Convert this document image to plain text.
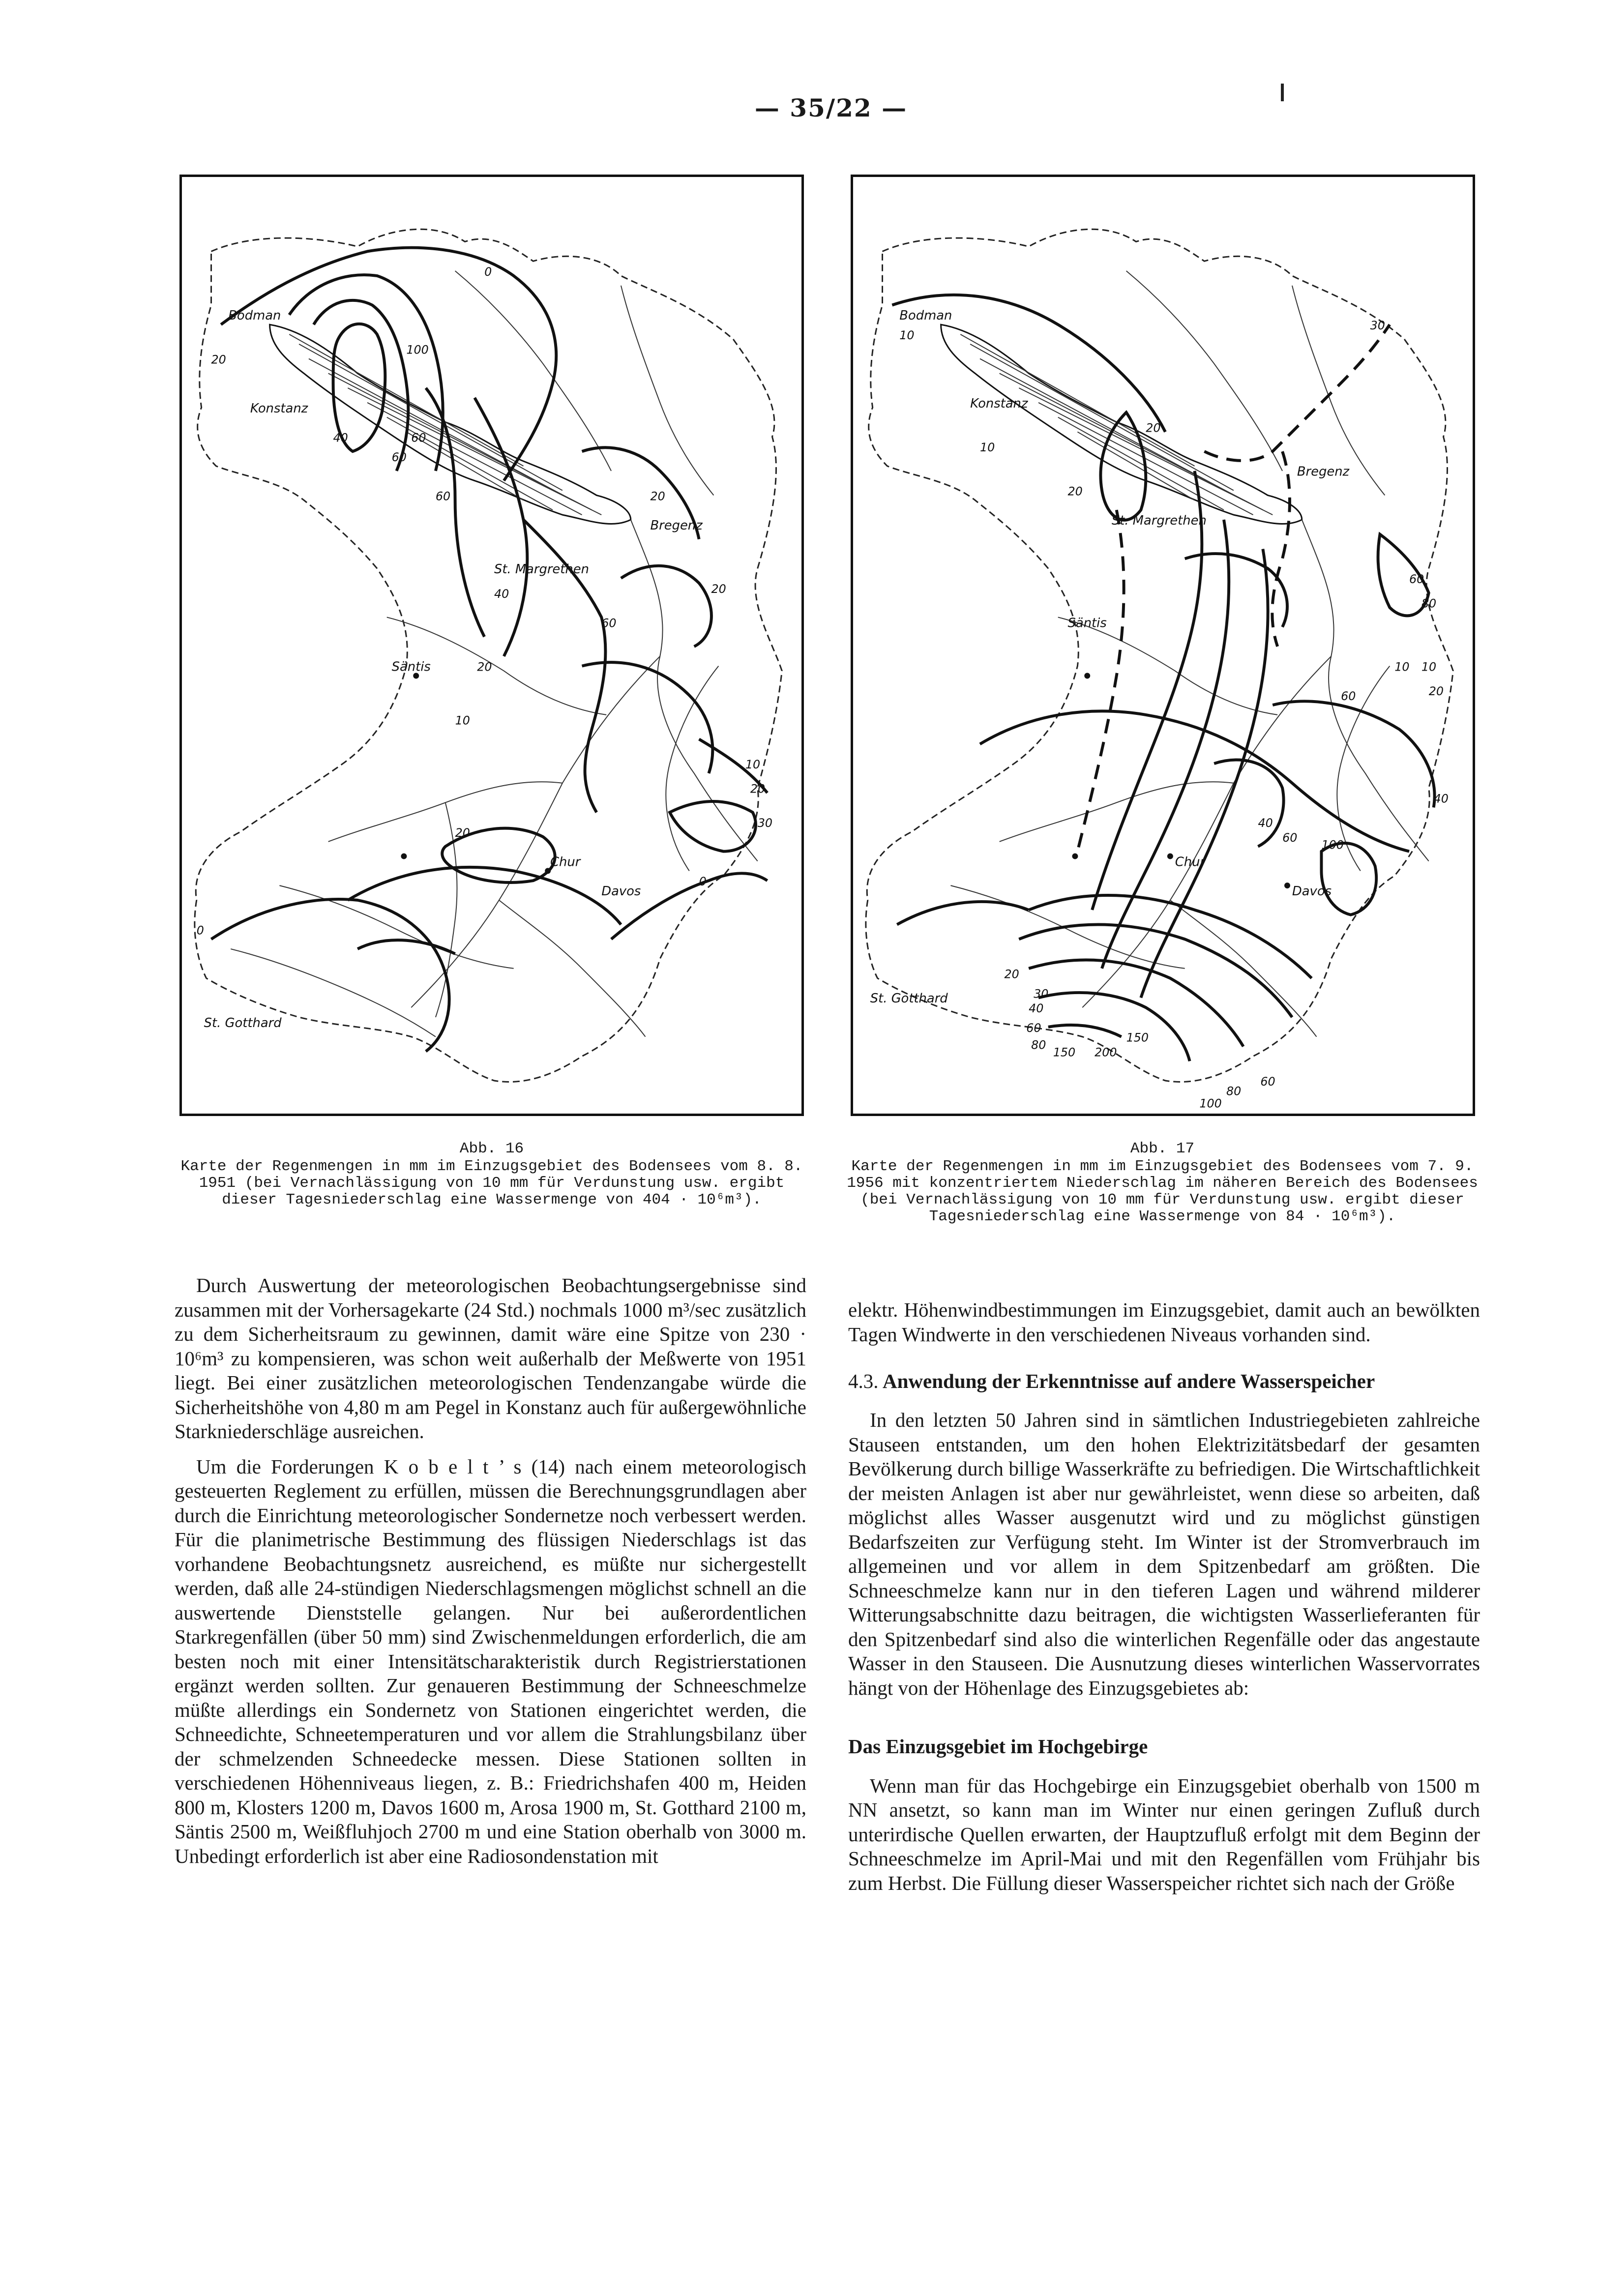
— 35/22 —
Bodman
Konstanz
Bregenz
St. Margrethen
Säntis
Chur
Davos
St. Gotthard
0
100
20
40	60
60
20
60
40
60
20
10
20
10
20
30
20
0
0
Abb. 16
Karte der Regenmengen in mm im Einzugsgebiet des Bodensees vom 8. 8. 1951 (bei Vernachlässigung von 10 mm für Verdunstung usw. ergibt dieser Tagesniederschlag eine Wassermenge von 404 · 10⁶m³).
Bodman
Konstanz
Bregenz
St. Margrethen
Säntis
Chur
Davos
St. Gotthard
10
10
20
30
20
10
60
80
40
10
20
60
40
60
100
20
30
40
60
80
150 200
150
60
80
100
Abb. 17
Karte der Regenmengen in mm im Einzugsgebiet des Bodensees vom 7. 9. 1956 mit konzentriertem Niederschlag im näheren Bereich des Bodensees (bei Vernachlässigung von 10 mm für Verdunstung usw. ergibt dieser Tagesniederschlag eine Wassermenge von 84 · 10⁶m³).

Durch Auswertung der meteorologischen Beobachtungsergebnisse sind zusammen mit der Vorhersagekarte (24 Std.) nochmals 1000 m³/sec zusätzlich zu dem Sicherheitsraum zu gewinnen, damit wäre eine Spitze von 230 · 10⁶m³ zu kompensieren, was schon weit außerhalb der Meßwerte von 1951 liegt. Bei einer zusätzlichen meteorologischen Tendenzangabe würde die Sicherheitshöhe von 4,80 m am Pegel in Konstanz auch für außergewöhnliche Starkniederschläge ausreichen.

Um die Forderungen K o b e l t ’ s (14) nach einem meteorologisch gesteuerten Reglement zu erfüllen, müssen die Berechnungsgrundlagen aber durch die Einrichtung meteorologischer Sondernetze noch verbessert werden. Für die planimetrische Bestimmung des flüssigen Niederschlags ist das vorhandene Beobachtungsnetz ausreichend, es müßte nur sichergestellt werden, daß alle 24-stündigen Niederschlagsmengen möglichst schnell an die auswertende Dienststelle gelangen. Nur bei außerordentlichen Starkregenfällen (über 50 mm) sind Zwischenmeldungen erforderlich, die am besten noch mit einer Intensitätscharakteristik durch Registrierstationen ergänzt werden sollten. Zur genaueren Bestimmung der Schneeschmelze müßte allerdings ein Sondernetz von Stationen eingerichtet werden, die Schneedichte, Schneetemperaturen und vor allem die Strahlungsbilanz über der schmelzenden Schneedecke messen. Diese Stationen sollten in verschiedenen Höhenniveaus liegen, z. B.: Friedrichshafen 400 m, Heiden 800 m, Klosters 1200 m, Davos 1600 m, Arosa 1900 m, St. Gotthard 2100 m, Säntis 2500 m, Weißfluhjoch 2700 m und eine Station oberhalb von 3000 m. Unbedingt erforderlich ist aber eine Radiosondenstation mit

elektr. Höhenwindbestimmungen im Einzugsgebiet, damit auch an bewölkten Tagen Windwerte in den verschiedenen Niveaus vorhanden sind.

4.3. Anwendung der Erkenntnisse auf andere Wasserspeicher

In den letzten 50 Jahren sind in sämtlichen Industriegebieten zahlreiche Stauseen entstanden, um den hohen Elektrizitätsbedarf der gesamten Bevölkerung durch billige Wasserkräfte zu befriedigen. Die Wirtschaftlichkeit der meisten Anlagen ist aber nur gewährleistet, wenn diese so arbeiten, daß möglichst alles Wasser ausgenutzt wird und zu möglichst günstigen Bedarfszeiten zur Verfügung steht. Im Winter ist der Stromverbrauch im allgemeinen und vor allem in dem Spitzenbedarf am größten. Die Schneeschmelze kann nur in den tieferen Lagen und während milderer Witterungsabschnitte dazu beitragen, die wichtigsten Wasserlieferanten für den Spitzenbedarf sind also die winterlichen Regenfälle oder das angestaute Wasser in den Stauseen. Die Ausnutzung dieses winterlichen Wasservorrates hängt von der Höhenlage des Einzugsgebietes ab:

Das Einzugsgebiet im Hochgebirge

Wenn man für das Hochgebirge ein Einzugsgebiet oberhalb von 1500 m NN ansetzt, so kann man im Winter nur einen geringen Zufluß durch unterirdische Quellen erwarten, der Hauptzufluß erfolgt mit dem Beginn der Schneeschmelze im April-Mai und mit den Regenfällen vom Frühjahr bis zum Herbst. Die Füllung dieser Wasserspeicher richtet sich nach der Größe
